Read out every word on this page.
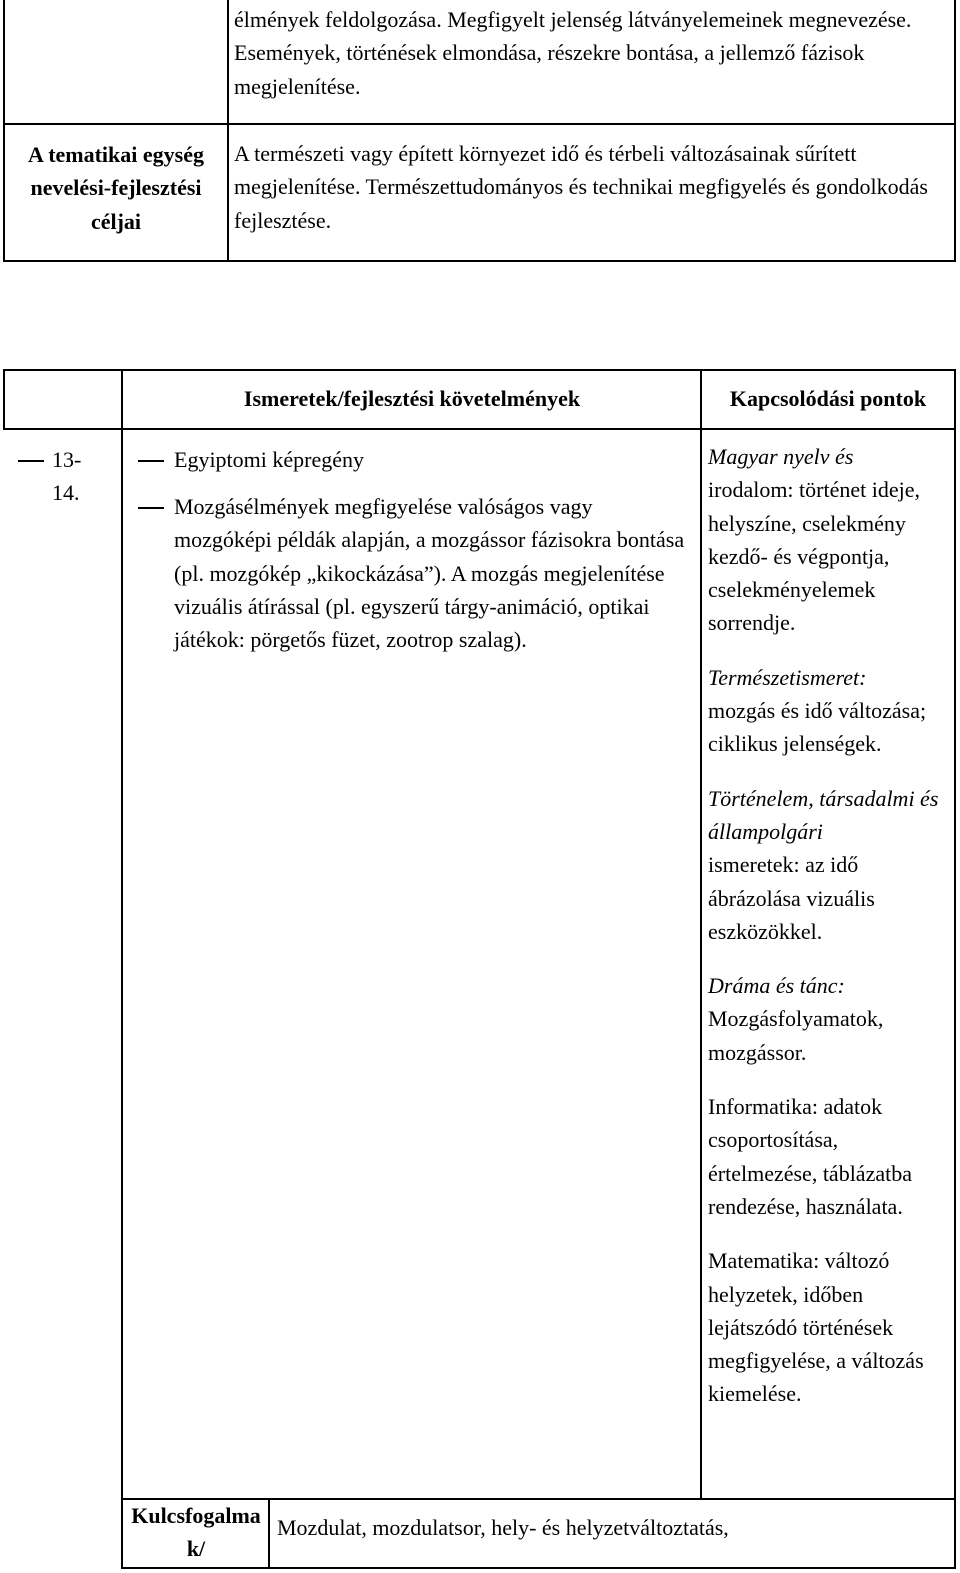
élmények feldolgozása. Megfigyelt jelenség látványelemeinek megnevezése. Események, történések elmondása, részekre bontása, a jellemző fázisok megjelenítése.
A tematikai egység nevelési-fejlesztési céljai
A természeti vagy épített környezet idő és térbeli változásainak sűrített megjelenítése. Természettudományos és technikai megfigyelés és gondolkodás fejlesztése.
Ismeretek/fejlesztési követelmények	Kapcsolódási pontok
13-14.
Egyiptomi képregény
Mozgásélmények megfigyelése valóságos vagy mozgóképi példák alapján, a mozgássor fázisokra bontása (pl. mozgókép „kikockázása”). A mozgás megjelenítése vizuális átírással (pl. egyszerű tárgy-animáció, optikai játékok: pörgetős füzet, zootrop szalag).
Magyar nyelv és
irodalom: történet ideje, helyszíne, cselekmény kezdő- és végpontja, cselekményelemek sorrendje.
Természetismeret:
mozgás és idő változása; ciklikus jelenségek.
Történelem, társadalmi és állampolgári
ismeretek: az idő ábrázolása vizuális eszközökkel.
Dráma és tánc:
Mozgásfolyamatok, mozgássor.
Informatika: adatok csoportosítása, értelmezése, táblázatba rendezése, használata.
Matematika: változó helyzetek, időben lejátszódó történések megfigyelése, a változás kiemelése.
Kulcsfogalmak/
Mozdulat, mozdulatsor, hely- és helyzetváltoztatás,
